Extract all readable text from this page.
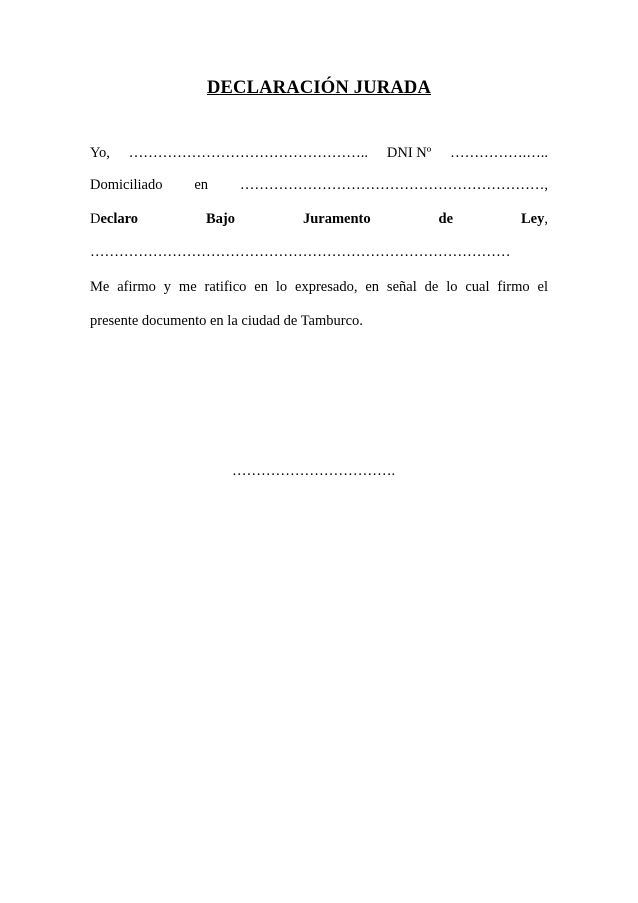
DECLARACIÓN JURADA
Yo, ………………………………………….. DNI Nº …………….…..
Domiciliado en ………………………………………………………,
Declaro	Bajo	Juramento	de	Ley,
……………………………………………………………………………
Me afirmo y me ratifico en lo expresado, en señal de lo cual firmo el
presente documento en la ciudad de Tamburco.
…………………………….
